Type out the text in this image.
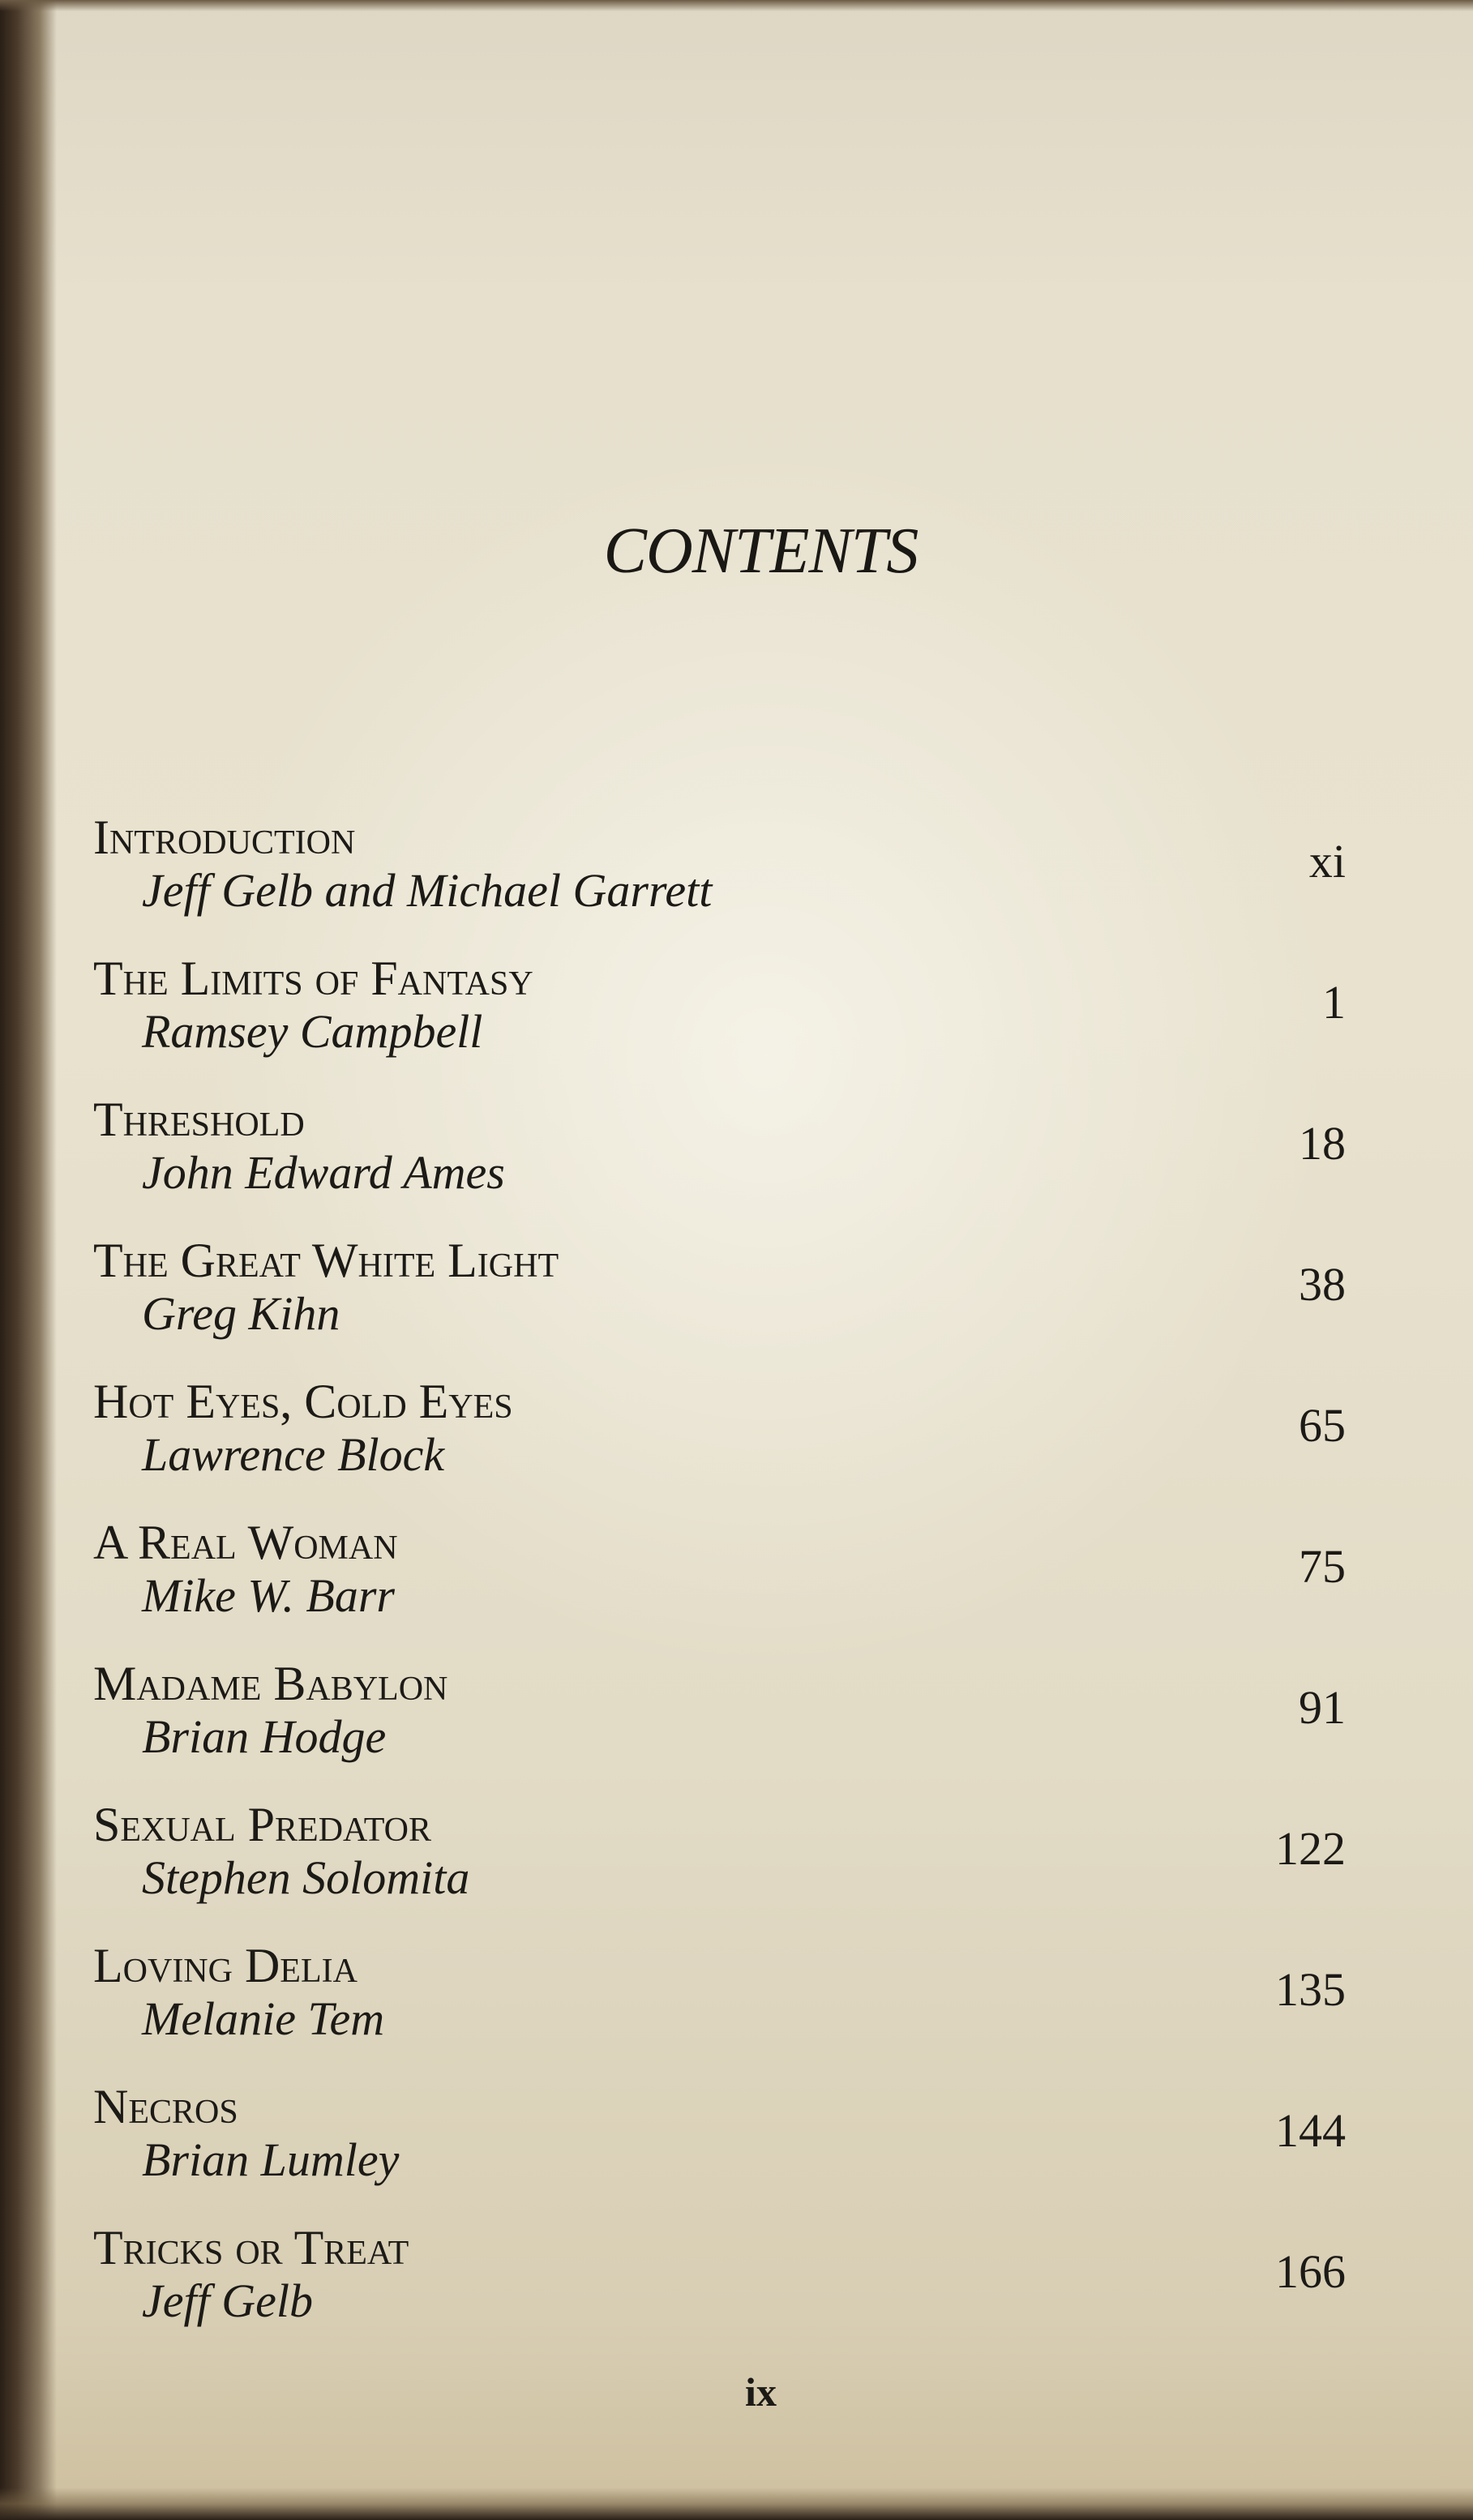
CONTENTS
Introduction
Jeff Gelb and Michael Garrett
xi
The Limits of Fantasy
Ramsey Campbell
1
Threshold
John Edward Ames
18
The Great White Light
Greg Kihn
38
Hot Eyes, Cold Eyes
Lawrence Block
65
A Real Woman
Mike W. Barr
75
Madame Babylon
Brian Hodge
91
Sexual Predator
Stephen Solomita
122
Loving Delia
Melanie Tem
135
Necros
Brian Lumley
144
Tricks or Treat
Jeff Gelb
166
ix
